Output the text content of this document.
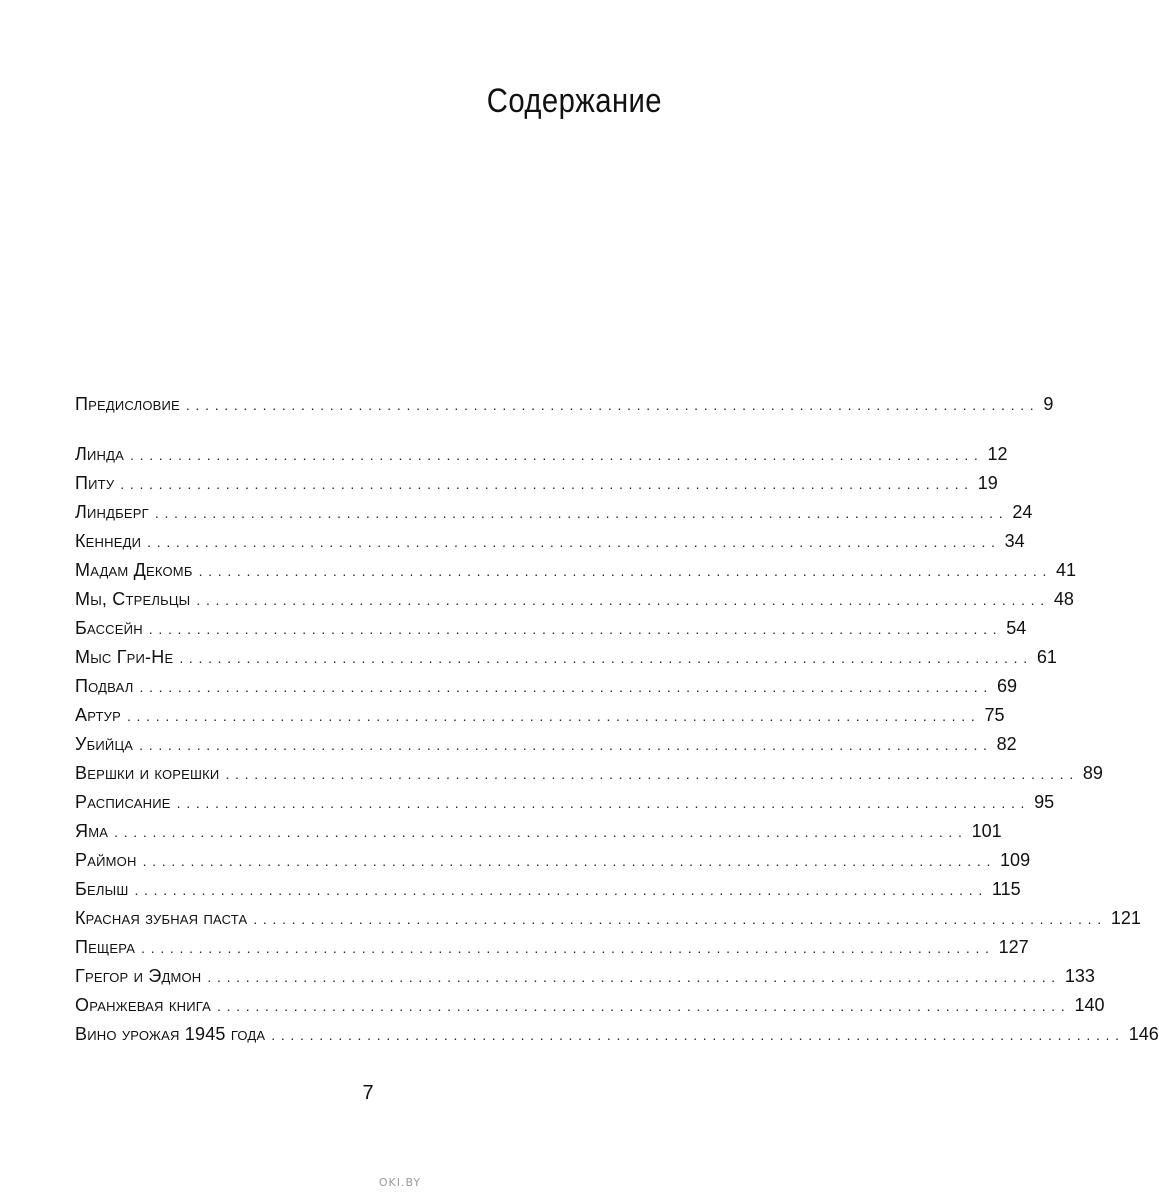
Содержание
Предисловие ......................................................................................... 9
Линда ......................................................................................... 12
Питу ......................................................................................... 19
Линдберг ......................................................................................... 24
Кеннеди ......................................................................................... 34
Мадам Декомб ......................................................................................... 41
Мы, Стрельцы ......................................................................................... 48
Бассейн ......................................................................................... 54
Мыс Гри-Не ......................................................................................... 61
Подвал ......................................................................................... 69
Артур ......................................................................................... 75
Убийца ......................................................................................... 82
Вершки и корешки ......................................................................................... 89
Расписание ......................................................................................... 95
Яма ......................................................................................... 101
Раймон ......................................................................................... 109
Белыш ......................................................................................... 115
Красная зубная паста ......................................................................................... 121
Пещера ......................................................................................... 127
Грегор и Эдмон ......................................................................................... 133
Оранжевая книга ......................................................................................... 140
Вино урожая 1945 года ......................................................................................... 146
7
OKI.BY
